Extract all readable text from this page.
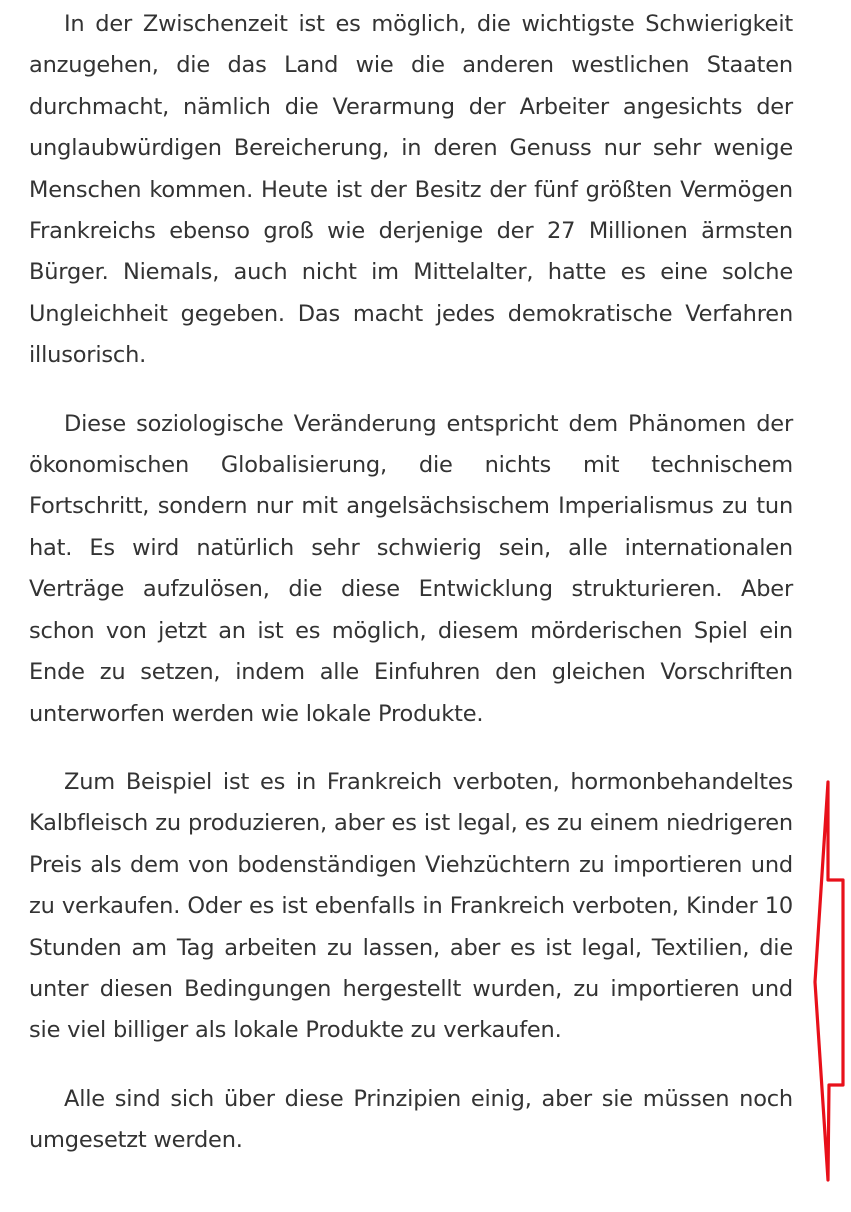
In der Zwischenzeit ist es möglich, die wichtigste Schwierigkeit anzugehen, die das Land wie die anderen westlichen Staaten durchmacht, nämlich die Verarmung der Arbeiter angesichts der unglaubwürdigen Bereicherung, in deren Genuss nur sehr wenige Menschen kommen. Heute ist der Besitz der fünf größten Vermögen Frankreichs ebenso groß wie derjenige der 27 Millionen ärmsten Bürger. Niemals, auch nicht im Mittelalter, hatte es eine solche Ungleichheit gegeben. Das macht jedes demokratische Verfahren illusorisch.

Diese soziologische Veränderung entspricht dem Phänomen der ökonomischen Globalisierung, die nichts mit technischem Fortschritt, sondern nur mit angelsächsischem Imperialismus zu tun hat. Es wird natürlich sehr schwierig sein, alle internationalen Verträge aufzulösen, die diese Entwicklung strukturieren. Aber schon von jetzt an ist es möglich, diesem mörderischen Spiel ein Ende zu setzen, indem alle Einfuhren den gleichen Vorschriften unterworfen werden wie lokale Produkte.

Zum Beispiel ist es in Frankreich verboten, hormonbehandeltes Kalbfleisch zu produzieren, aber es ist legal, es zu einem niedrigeren Preis als dem von bodenständigen Viehzüchtern zu importieren und zu verkaufen. Oder es ist ebenfalls in Frankreich verboten, Kinder 10 Stunden am Tag arbeiten zu lassen, aber es ist legal, Textilien, die unter diesen Bedingungen hergestellt wurden, zu importieren und sie viel billiger als lokale Produkte zu verkaufen.

Alle sind sich über diese Prinzipien einig, aber sie müssen noch umgesetzt werden.
